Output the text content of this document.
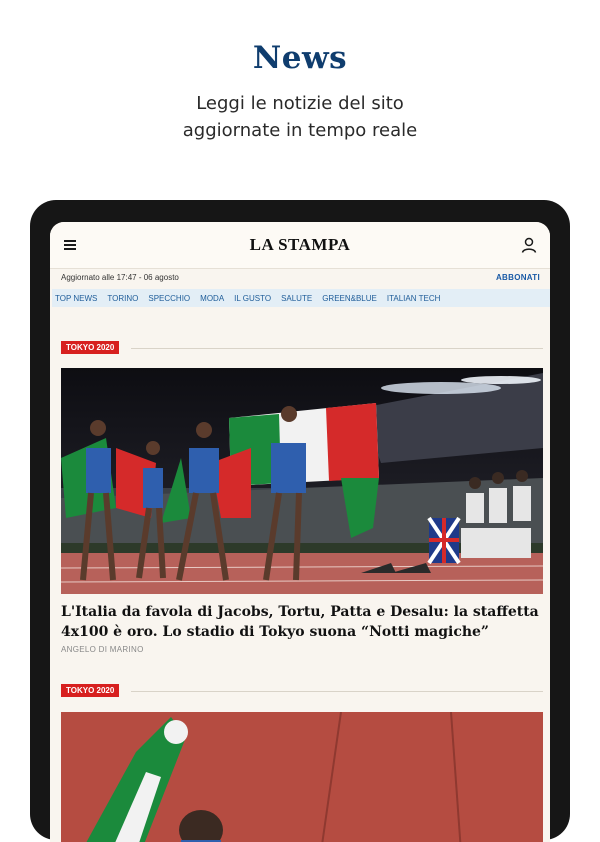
News
Leggi le notizie del sito
aggiornate in tempo reale
LA STAMPA
Aggiornato alle 17:47 - 06 agosto	ABBONATI
TOP NEWS TORINO SPECCHIO MODA IL GUSTO SALUTE GREEN&BLUE ITALIAN TECH
TOKYO 2020
L'Italia da favola di Jacobs, Tortu, Patta e Desalu: la staffetta 4x100 è oro. Lo stadio di Tokyo suona “Notti magiche”
ANGELO DI MARINO
TOKYO 2020
